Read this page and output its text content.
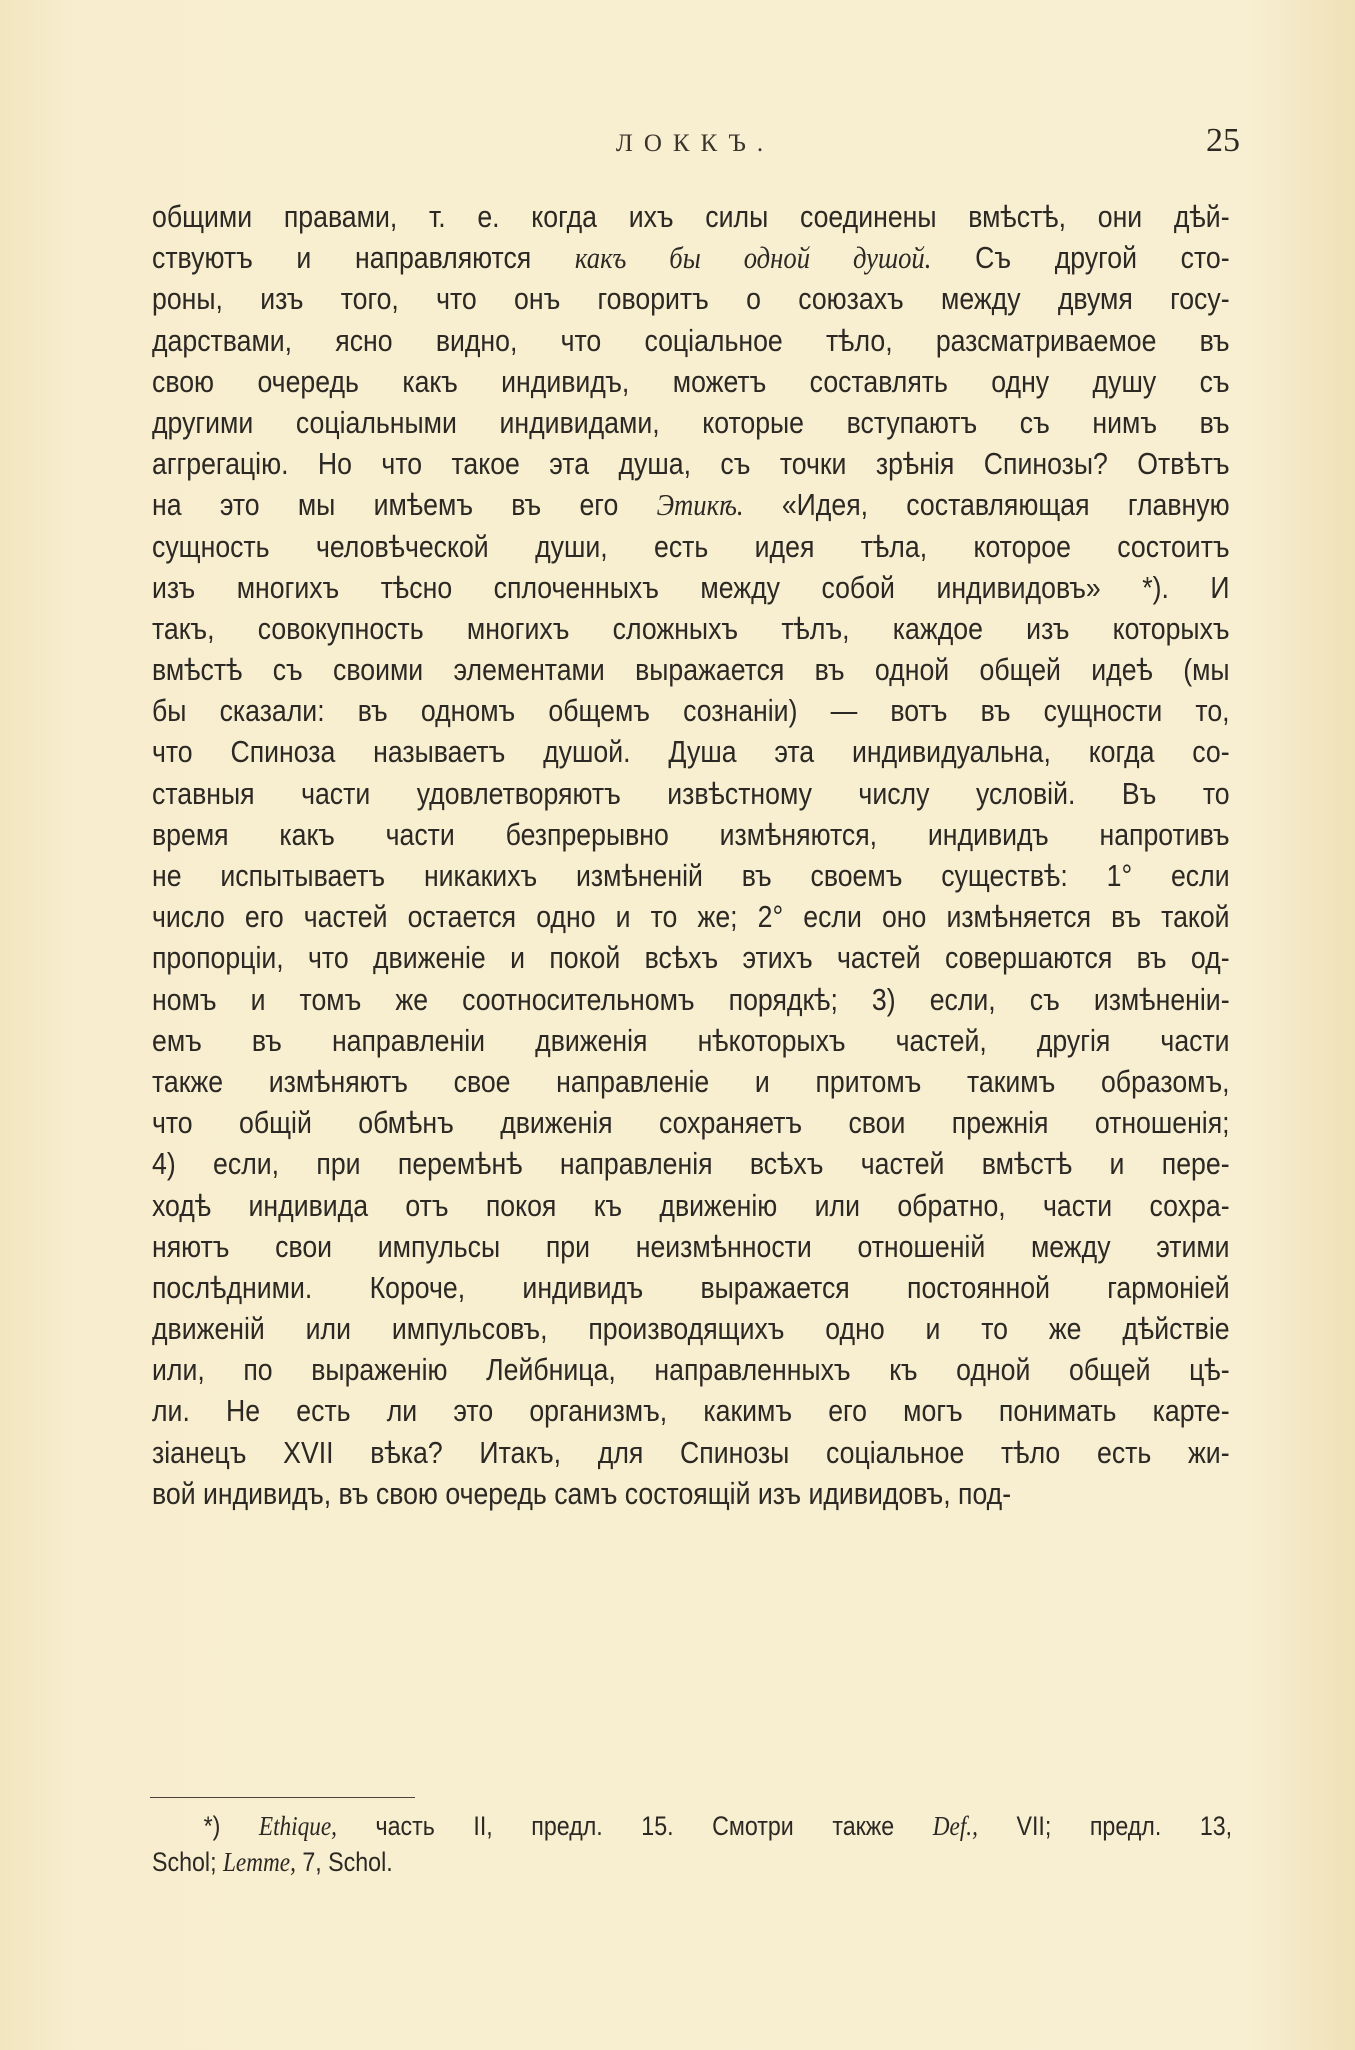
ЛОККЪ.	25
общими правами, т. е. когда ихъ силы соединены вмѣстѣ, они дѣй-
ствуютъ и направляются какъ бы одной душой. Съ другой сто-
роны, изъ того, что онъ говоритъ о союзахъ между двумя госу-
дарствами, ясно видно, что соціальное тѣло, разсматриваемое въ
свою очередь какъ индивидъ, можетъ составлять одну душу съ
другими соціальными индивидами, которые вступаютъ съ нимъ въ
аггрегацію. Но что такое эта душа, съ точки зрѣнія Спинозы? Отвѣтъ
на это мы имѣемъ въ его Этикѣ. «Идея, составляющая главную
сущность человѣческой души, есть идея тѣла, которое состоитъ
изъ многихъ тѣсно сплоченныхъ между собой индивидовъ» *). И
такъ, совокупность многихъ сложныхъ тѣлъ, каждое изъ которыхъ
вмѣстѣ съ своими элементами выражается въ одной общей идеѣ (мы
бы сказали: въ одномъ общемъ сознаніи) — вотъ въ сущности то,
что Спиноза называетъ душой. Душа эта индивидуальна, когда со-
ставныя части удовлетворяютъ извѣстному числу условій. Въ то
время какъ части безпрерывно измѣняются, индивидъ напротивъ
не испытываетъ никакихъ измѣненій въ своемъ существѣ: 1° если
число его частей остается одно и то же; 2° если оно измѣняется въ такой
пропорціи, что движеніе и покой всѣхъ этихъ частей совершаются въ од-
номъ и томъ же соотносительномъ порядкѣ; 3) если, съ измѣненіи-
емъ въ направленіи движенія нѣкоторыхъ частей, другія части
также измѣняютъ свое направленіе и притомъ такимъ образомъ,
что общій обмѣнъ движенія сохраняетъ свои прежнія отношенія;
4) если, при перемѣнѣ направленія всѣхъ частей вмѣстѣ и пере-
ходѣ индивида отъ покоя къ движенію или обратно, части сохра-
няютъ свои импульсы при неизмѣнности отношеній между этими
послѣдними. Короче, индивидъ выражается постоянной гармоніей
движеній или импульсовъ, производящихъ одно и то же дѣйствіе
или, по выраженію Лейбница, направленныхъ къ одной общей цѣ-
ли. Не есть ли это организмъ, какимъ его могъ понимать карте-
зіанецъ XVII вѣка? Итакъ, для Спинозы соціальное тѣло есть жи-
вой индивидъ, въ свою очередь самъ состоящій изъ идивидовъ, под-
*) Ethique, часть II, предл. 15. Смотри также Def., VII; предл. 13,
Schol; Lemme, 7, Schol.
